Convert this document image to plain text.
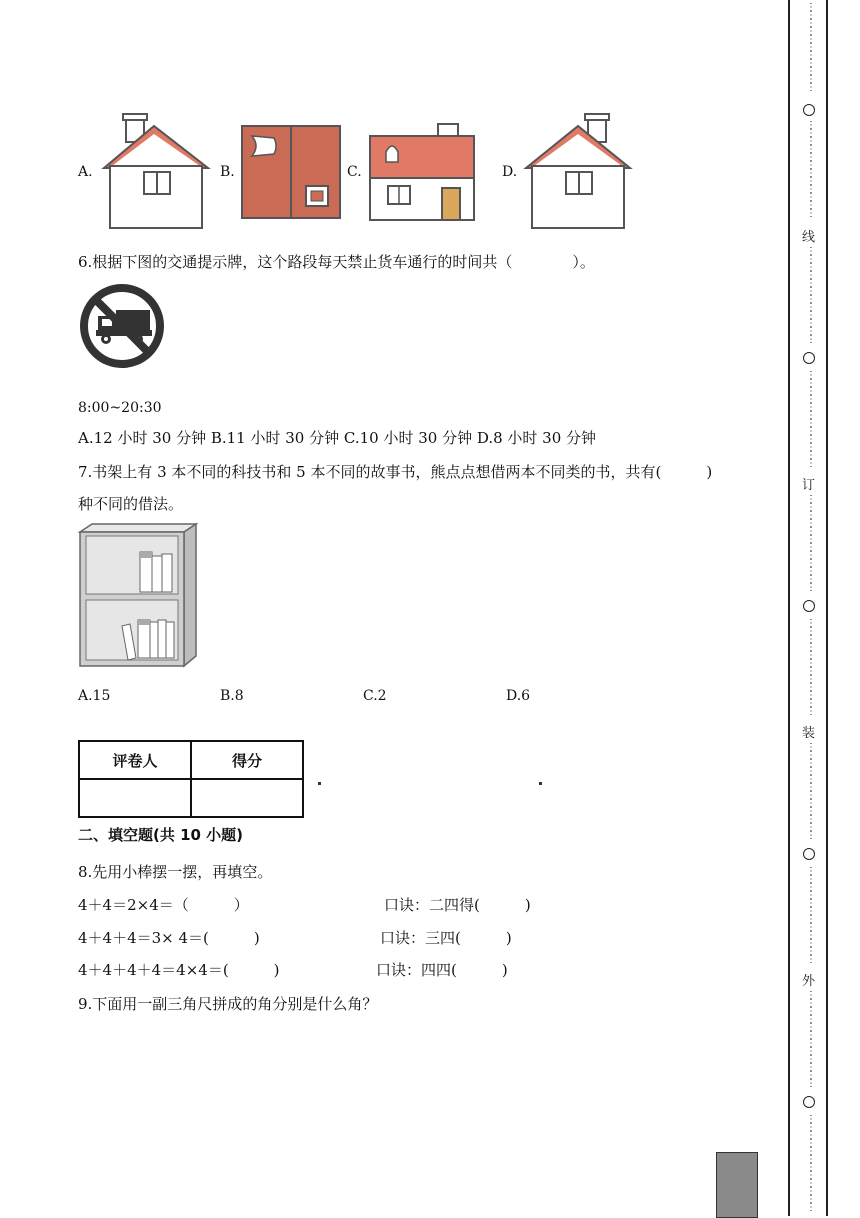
A.	B.	C.	D.
6.根据下图的交通提示牌，这个路段每天禁止货车通行的时间共（　　　　）。
8:00~20:30
A.12 小时 30 分钟 B.11 小时 30 分钟 C.10 小时 30 分钟 D.8 小时 30 分钟
7.书架上有 3 本不同的科技书和 5 本不同的故事书，熊点点想借两本不同类的书，共有(　　　)
种不同的借法。
A.15	B.8	C.2	D.6
评卷人	得分

二、填空题(共 10 小题)
8.先用小棒摆一摆，再填空。
4＋4＝2×4＝（　　　）	口诀：二四得(　　　)
4＋4＋4＝3× 4＝(　　　)	口诀：三四(　　　)
4＋4＋4＋4＝4×4＝(　　　)	口诀：四四(　　　)
9.下面用一副三角尺拼成的角分别是什么角？
⋮
⋮
⋮
⋮
⋮
⋮
⋮
⋮
⋮
⋮
⋮
⋮
⋮
⋮
⋮
⋮
⋮
⋮
⋮
⋮
⋮
⋮
⋮
线
⋮
⋮
⋮
⋮
⋮
⋮
⋮
⋮
⋮
⋮
⋮
⋮
⋮
⋮
⋮
⋮
⋮
⋮
⋮
⋮
⋮
⋮
⋮
⋮
订
⋮
⋮
⋮
⋮
⋮
⋮
⋮
⋮
⋮
⋮
⋮
⋮
⋮
⋮
⋮
⋮
⋮
⋮
⋮
⋮
⋮
⋮
⋮
⋮
装
⋮
⋮
⋮
⋮
⋮
⋮
⋮
⋮
⋮
⋮
⋮
⋮
⋮
⋮
⋮
⋮
⋮
⋮
⋮
⋮
⋮
⋮
⋮
⋮
外
⋮
⋮
⋮
⋮
⋮
⋮
⋮
⋮
⋮
⋮
⋮
⋮
⋮
⋮
⋮
⋮
⋮
⋮
⋮
⋮
⋮
⋮
⋮
⋮
